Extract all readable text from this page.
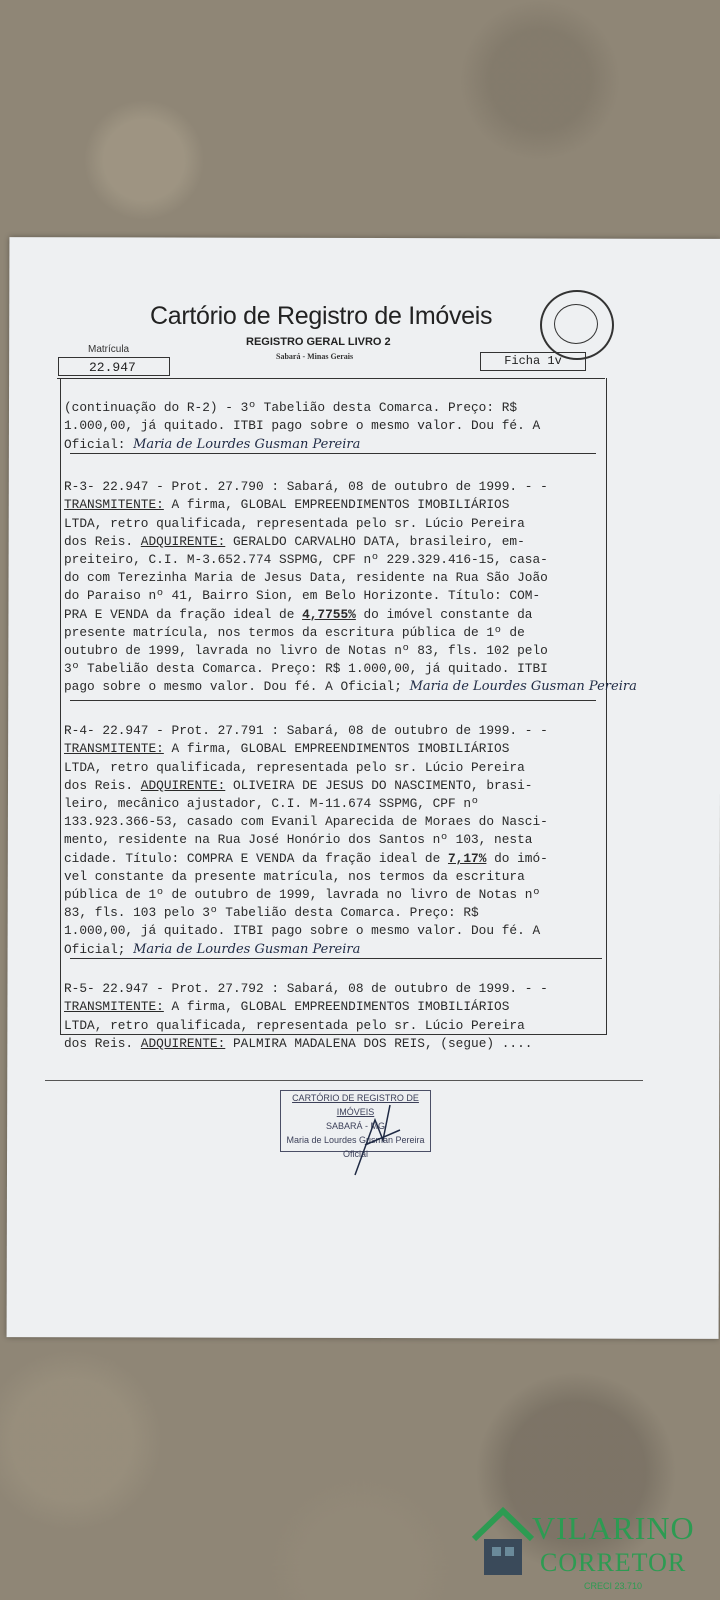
Cartório de Registro de Imóveis
REGISTRO GERAL LIVRO 2
Sabará - Minas Gerais
Matrícula
22.947	Ficha 1v

(continuação do R-2) - 3º Tabelião desta Comarca. Preço: R$
1.000,00, já quitado. ITBI pago sobre o mesmo valor. Dou fé. A
Oficial: Maria de Lourdes Gusman Pereira

R-3- 22.947 - Prot. 27.790 : Sabará, 08 de outubro de 1999. - -
TRANSMITENTE: A firma, GLOBAL EMPREENDIMENTOS IMOBILIÁRIOS
LTDA, retro qualificada, representada pelo sr. Lúcio Pereira
dos Reis. ADQUIRENTE: GERALDO CARVALHO DATA, brasileiro, em-
preiteiro, C.I. M-3.652.774 SSPMG, CPF nº 229.329.416-15, casa-
do com Terezinha Maria de Jesus Data, residente na Rua São João
do Paraiso nº 41, Bairro Sion, em Belo Horizonte. Título: COM-
PRA E VENDA da fração ideal de 4,7755% do imóvel constante da
presente matrícula, nos termos da escritura pública de 1º de
outubro de 1999, lavrada no livro de Notas nº 83, fls. 102 pelo
3º Tabelião desta Comarca. Preço: R$ 1.000,00, já quitado. ITBI
pago sobre o mesmo valor. Dou fé. A Oficial; Maria de Lourdes Gusman Pereira

R-4- 22.947 - Prot. 27.791 : Sabará, 08 de outubro de 1999. - -
TRANSMITENTE: A firma, GLOBAL EMPREENDIMENTOS IMOBILIÁRIOS
LTDA, retro qualificada, representada pelo sr. Lúcio Pereira
dos Reis. ADQUIRENTE: OLIVEIRA DE JESUS DO NASCIMENTO, brasi-
leiro, mecânico ajustador, C.I. M-11.674 SSPMG, CPF nº
133.923.366-53, casado com Evanil Aparecida de Moraes do Nasci-
mento, residente na Rua José Honório dos Santos nº 103, nesta
cidade. Título: COMPRA E VENDA da fração ideal de 7,17% do imó-
vel constante da presente matrícula, nos termos da escritura
pública de 1º de outubro de 1999, lavrada no livro de Notas nº
83, fls. 103 pelo 3º Tabelião desta Comarca. Preço: R$
1.000,00, já quitado. ITBI pago sobre o mesmo valor. Dou fé. A
Oficial; Maria de Lourdes Gusman Pereira

R-5- 22.947 - Prot. 27.792 : Sabará, 08 de outubro de 1999. - -
TRANSMITENTE: A firma, GLOBAL EMPREENDIMENTOS IMOBILIÁRIOS
LTDA, retro qualificada, representada pelo sr. Lúcio Pereira
dos Reis. ADQUIRENTE: PALMIRA MADALENA DOS REIS, (segue) ....

CARTÓRIO DE REGISTRO DE IMÓVEIS
SABARÁ - MG
Maria de Lourdes Gusman Pereira
Oficial
VILARINO
CORRETOR
CRECI 23.710
